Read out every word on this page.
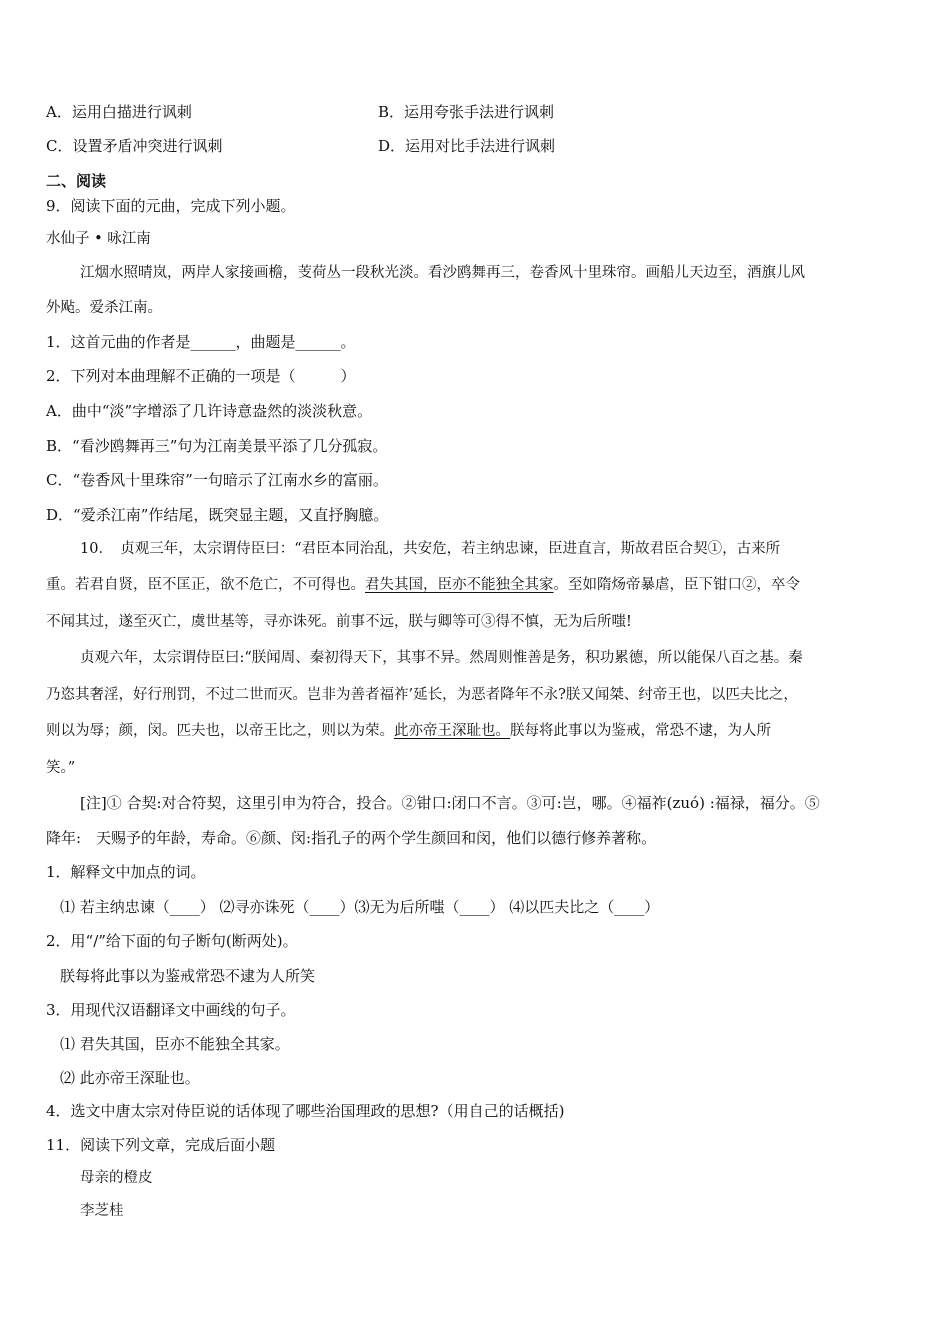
A．运用白描进行讽刺	B．运用夸张手法进行讽刺
C．设置矛盾冲突进行讽刺	D．运用对比手法进行讽刺
二、阅读
9．阅读下面的元曲，完成下列小题。
水仙子 • 咏江南
江烟水照晴岚，两岸人家接画檐，芰荷丛一段秋光淡。看沙鸥舞再三，卷香风十里珠帘。画船儿天边至，酒旗儿风
外飐。爱杀江南。
1．这首元曲的作者是______，曲题是______。
2．下列对本曲理解不正确的一项是（　　　）
A．曲中“淡”字增添了几许诗意盎然的淡淡秋意。
B．“看沙鸥舞再三”句为江南美景平添了几分孤寂。
C．“卷香风十里珠帘”一句暗示了江南水乡的富丽。
D．“爱杀江南”作结尾，既突显主题，又直抒胸臆。
10．　贞观三年，太宗谓侍臣曰：“君臣本同治乱，共安危，若主纳忠谏，臣进直言，斯故君臣合契①，古来所
重。若君自贤，臣不匡正，欲不危亡，不可得也。君失其国，臣亦不能独全其家。至如隋炀帝暴虐，臣下钳口②，卒令
不闻其过，遂至灭亡，虞世基等，寻亦诛死。前事不远，朕与卿等可③得不慎，无为后所嗤!
贞观六年，太宗谓侍臣曰:“朕闻周、秦初得天下，其事不异。然周则惟善是务，积功累德，所以能保八百之基。秦
乃恣其奢淫，好行刑罚，不过二世而灭。岂非为善者福祚’延长，为恶者降年不永?朕又闻桀、纣帝王也，以匹夫比之，
则以为辱；颜，闵。匹夫也，以帝王比之，则以为荣。此亦帝王深耻也。朕每将此事以为鉴戒，常恐不逮，为人所
笑。”
[注]① 合契:对合符契，这里引申为符合，投合。②钳口:闭口不言。③可:岂，哪。④福祚(zuó) :福禄，福分。⑤
降年:　天赐予的年龄，寿命。⑥颜、闵:指孔子的两个学生颜回和闵，他们以德行修养著称。
1．解释文中加点的词。
⑴ 若主纳忠谏（____） ⑵寻亦诛死（____）⑶无为后所嗤（____） ⑷以匹夫比之（____）
2．用“/”给下面的句子断句(断两处)。
朕每将此事以为鉴戒常恐不逮为人所笑
3．用现代汉语翻译文中画线的句子。
⑴ 君失其国，臣亦不能独全其家。
⑵ 此亦帝王深耻也。
4．选文中唐太宗对侍臣说的话体现了哪些治国理政的思想?（用自己的话概括)
11．阅读下列文章，完成后面小题
母亲的橙皮
李芝桂
